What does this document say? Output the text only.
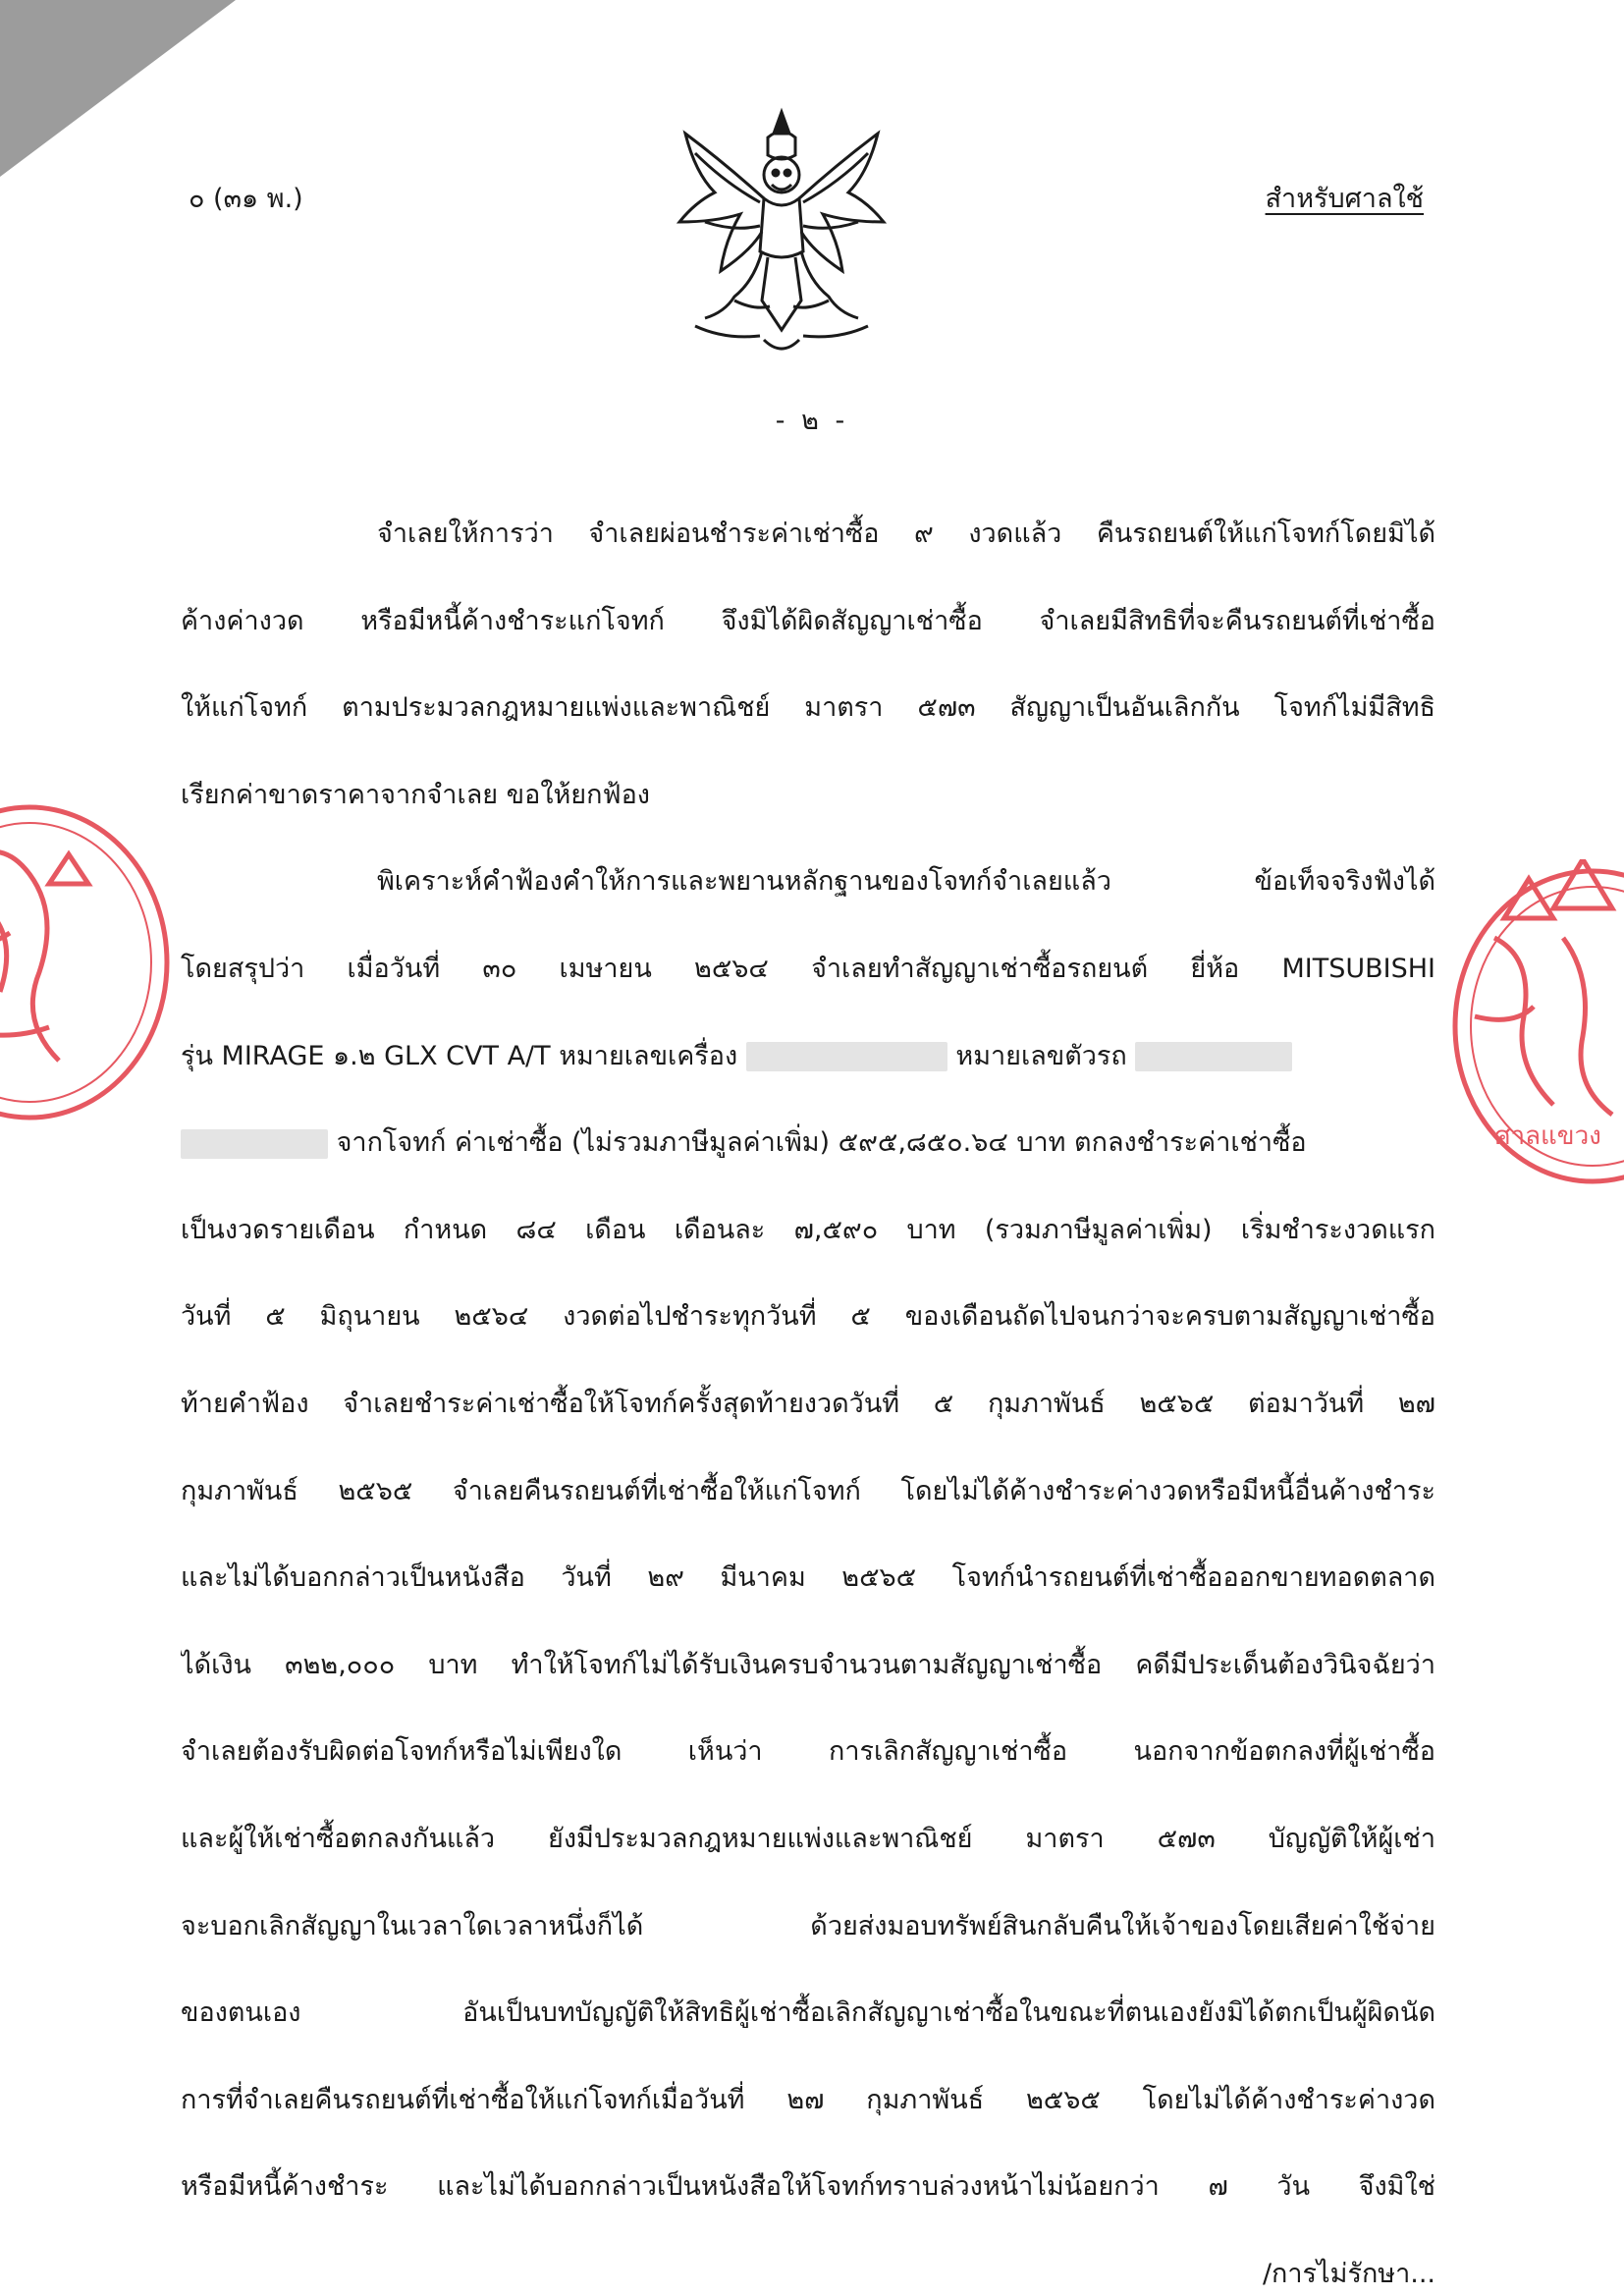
๐ (๓๑ พ.)	สำหรับศาลใช้
- ๒ -
จำเลยให้การว่า จำเลยผ่อนชำระค่าเช่าซื้อ ๙ งวดแล้ว คืนรถยนต์ให้แก่โจทก์โดยมิได้
ค้างค่างวด หรือมีหนี้ค้างชำระแก่โจทก์ จึงมิได้ผิดสัญญาเช่าซื้อ จำเลยมีสิทธิที่จะคืนรถยนต์ที่เช่าซื้อ
ให้แก่โจทก์ ตามประมวลกฎหมายแพ่งและพาณิชย์ มาตรา ๕๗๓ สัญญาเป็นอันเลิกกัน โจทก์ไม่มีสิทธิ
เรียกค่าขาดราคาจากจำเลย ขอให้ยกฟ้อง
พิเคราะห์คำฟ้องคำให้การและพยานหลักฐานของโจทก์จำเลยแล้ว ข้อเท็จจริงฟังได้
โดยสรุปว่า เมื่อวันที่ ๓๐ เมษายน ๒๕๖๔ จำเลยทำสัญญาเช่าซื้อรถยนต์ ยี่ห้อ MITSUBISHI
รุ่น MIRAGE ๑.๒ GLX CVT A/T หมายเลขเครื่อง	หมายเลขตัวรถ
จากโจทก์ ค่าเช่าซื้อ (ไม่รวมภาษีมูลค่าเพิ่ม) ๕๙๕,๘๕๐.๖๔ บาท ตกลงชำระค่าเช่าซื้อ
เป็นงวดรายเดือน กำหนด ๘๔ เดือน เดือนละ ๗,๕๙๐ บาท (รวมภาษีมูลค่าเพิ่ม) เริ่มชำระงวดแรก
วันที่ ๕ มิถุนายน ๒๕๖๔ งวดต่อไปชำระทุกวันที่ ๕ ของเดือนถัดไปจนกว่าจะครบตามสัญญาเช่าซื้อ
ท้ายคำฟ้อง จำเลยชำระค่าเช่าซื้อให้โจทก์ครั้งสุดท้ายงวดวันที่ ๕ กุมภาพันธ์ ๒๕๖๕ ต่อมาวันที่ ๒๗
กุมภาพันธ์ ๒๕๖๕ จำเลยคืนรถยนต์ที่เช่าซื้อให้แก่โจทก์ โดยไม่ได้ค้างชำระค่างวดหรือมีหนี้อื่นค้างชำระ
และไม่ได้บอกกล่าวเป็นหนังสือ วันที่ ๒๙ มีนาคม ๒๕๖๕ โจทก์นำรถยนต์ที่เช่าซื้อออกขายทอดตลาด
ได้เงิน ๓๒๒,๐๐๐ บาท ทำให้โจทก์ไม่ได้รับเงินครบจำนวนตามสัญญาเช่าซื้อ คดีมีประเด็นต้องวินิจฉัยว่า
จำเลยต้องรับผิดต่อโจทก์หรือไม่เพียงใด เห็นว่า การเลิกสัญญาเช่าซื้อ นอกจากข้อตกลงที่ผู้เช่าซื้อ
และผู้ให้เช่าซื้อตกลงกันแล้ว ยังมีประมวลกฎหมายแพ่งและพาณิชย์ มาตรา ๕๗๓ บัญญัติให้ผู้เช่า
จะบอกเลิกสัญญาในเวลาใดเวลาหนึ่งก็ได้ ด้วยส่งมอบทรัพย์สินกลับคืนให้เจ้าของโดยเสียค่าใช้จ่าย
ของตนเอง อันเป็นบทบัญญัติให้สิทธิผู้เช่าซื้อเลิกสัญญาเช่าซื้อในขณะที่ตนเองยังมิได้ตกเป็นผู้ผิดนัด
การที่จำเลยคืนรถยนต์ที่เช่าซื้อให้แก่โจทก์เมื่อวันที่ ๒๗ กุมภาพันธ์ ๒๕๖๕ โดยไม่ได้ค้างชำระค่างวด
หรือมีหนี้ค้างชำระ และไม่ได้บอกกล่าวเป็นหนังสือให้โจทก์ทราบล่วงหน้าไม่น้อยกว่า ๗ วัน จึงมิใช่
/การไม่รักษา...
ศาลแขวง
